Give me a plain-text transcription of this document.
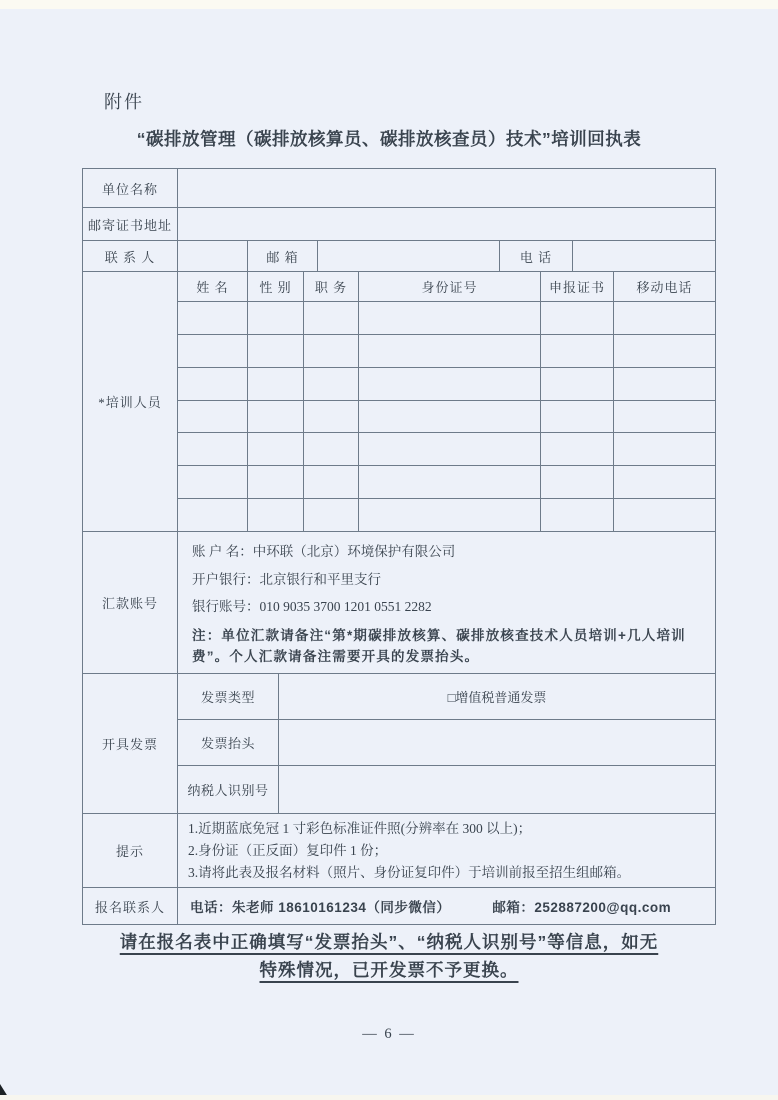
附件
“碳排放管理（碳排放核算员、碳排放核查员）技术”培训回执表
单位名称
邮寄证书地址
联 系 人	邮 箱	电 话
*培训人员
姓 名	性 别	职 务	身份证号	申报证书	移动电话
汇款账号
账 户 名：中环联（北京）环境保护有限公司
开户银行：北京银行和平里支行
银行账号：010 9035 3700 1201 0551 2282
注：单位汇款请备注“第*期碳排放核算、碳排放核查技术人员培训+几人培训费”。个人汇款请备注需要开具的发票抬头。
开具发票
发票类型	□增值税普通发票
发票抬头
纳税人识别号
提示
1.近期蓝底免冠 1 寸彩色标准证件照(分辨率在 300 以上)；
2.身份证（正反面）复印件 1 份；
3.请将此表及报名材料（照片、身份证复印件）于培训前报至招生组邮箱。
报名联系人	电话：朱老师 18610161234（同步微信）	邮箱：252887200@qq.com
请在报名表中正确填写“发票抬头”、“纳税人识别号”等信息，如无
特殊情况，已开发票不予更换。
— 6 —
